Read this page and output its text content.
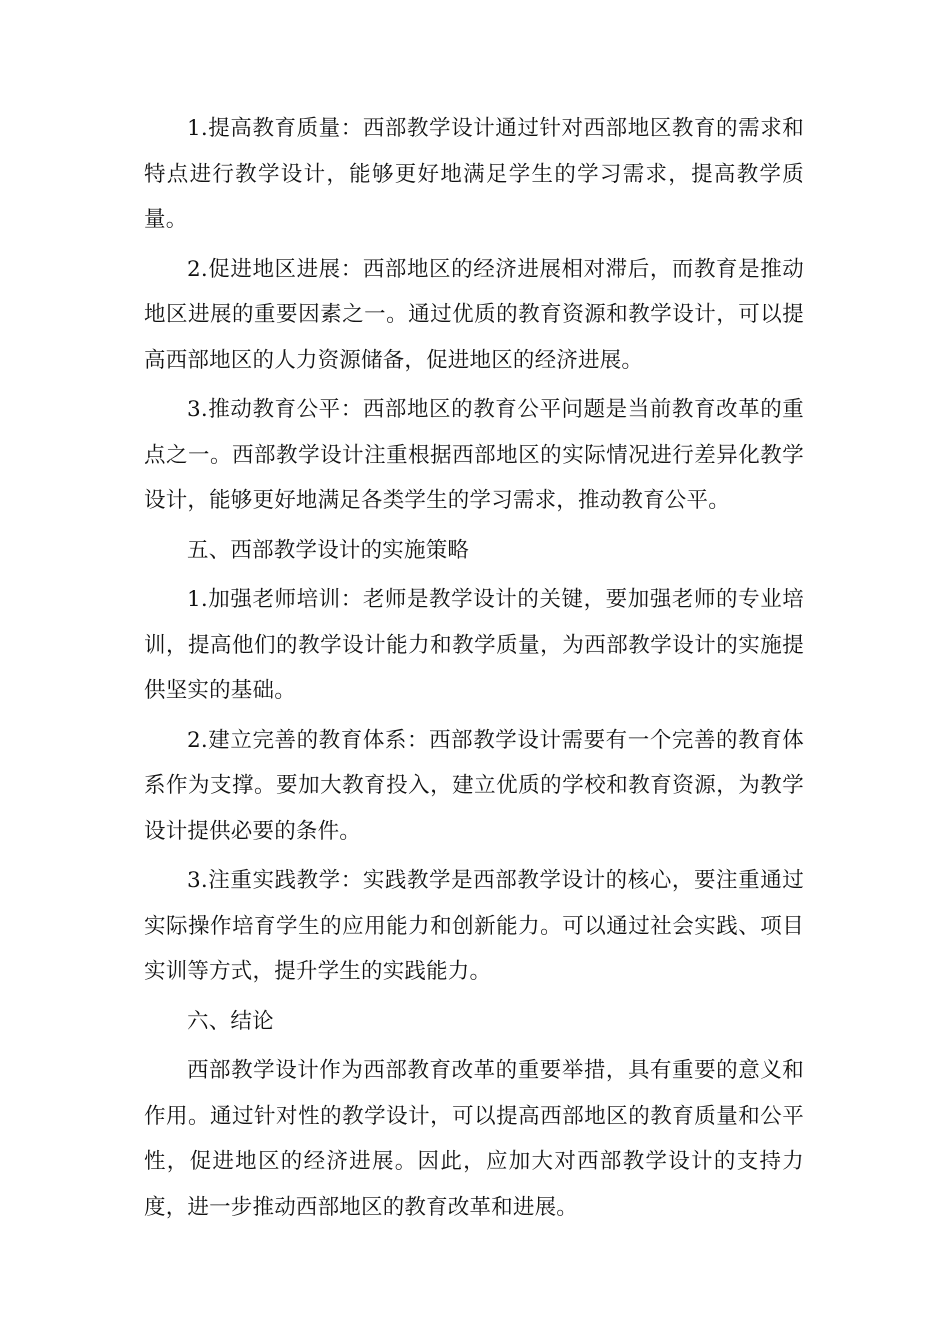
1.提高教育质量：西部教学设计通过针对西部地区教育的需求和特点进行教学设计，能够更好地满足学生的学习需求，提高教学质量。

2.促进地区进展：西部地区的经济进展相对滞后，而教育是推动地区进展的重要因素之一。通过优质的教育资源和教学设计，可以提高西部地区的人力资源储备，促进地区的经济进展。

3.推动教育公平：西部地区的教育公平问题是当前教育改革的重点之一。西部教学设计注重根据西部地区的实际情况进行差异化教学设计，能够更好地满足各类学生的学习需求，推动教育公平。

五、西部教学设计的实施策略

1.加强老师培训：老师是教学设计的关键，要加强老师的专业培训，提高他们的教学设计能力和教学质量，为西部教学设计的实施提供坚实的基础。

2.建立完善的教育体系：西部教学设计需要有一个完善的教育体系作为支撑。要加大教育投入，建立优质的学校和教育资源，为教学设计提供必要的条件。

3.注重实践教学：实践教学是西部教学设计的核心，要注重通过实际操作培育学生的应用能力和创新能力。可以通过社会实践、项目实训等方式，提升学生的实践能力。

六、结论

西部教学设计作为西部教育改革的重要举措，具有重要的意义和作用。通过针对性的教学设计，可以提高西部地区的教育质量和公平性，促进地区的经济进展。因此，应加大对西部教学设计的支持力度，进一步推动西部地区的教育改革和进展。
